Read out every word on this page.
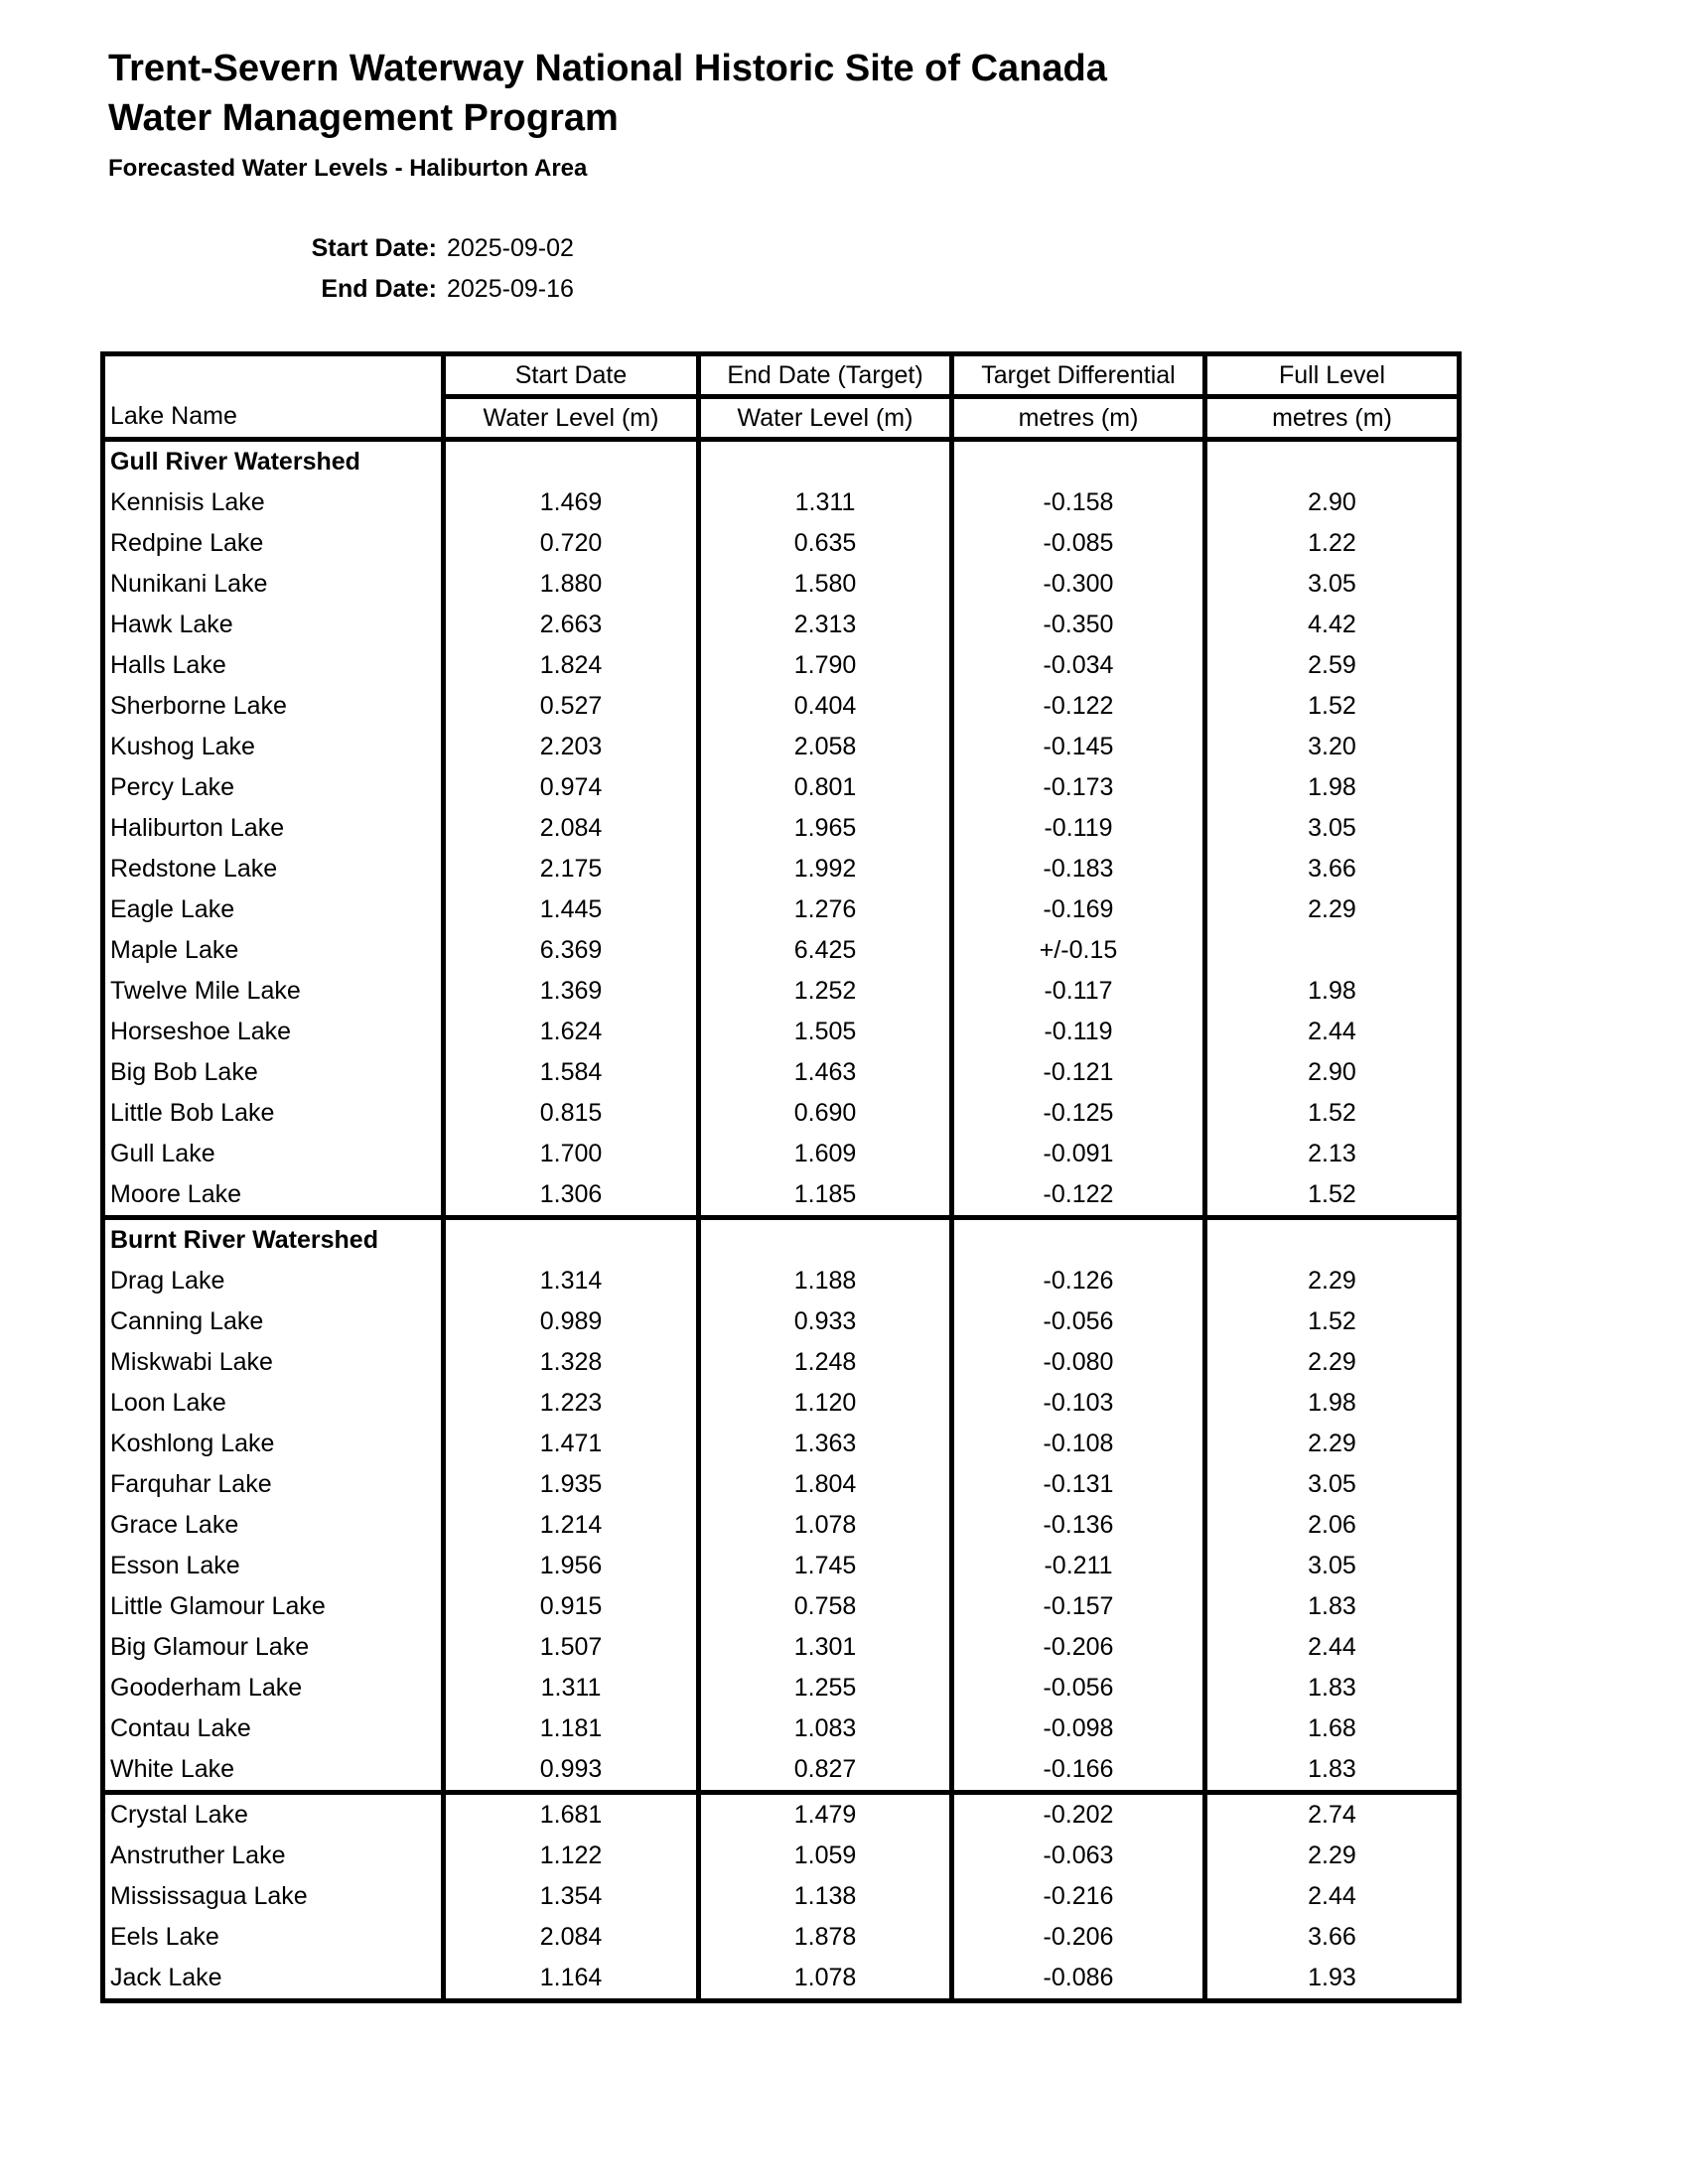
Trent-Severn Waterway National Historic Site of Canada
Water Management Program
Forecasted Water Levels - Haliburton Area
Start Date: 2025-09-02
End Date: 2025-09-16
Lake Name	Start Date	End Date (Target)	Target Differential	Full Level
	Water Level (m)	Water Level (m)	metres (m)	metres (m)
Gull River Watershed				
Kennisis Lake	1.469	1.311	-0.158	2.90
Redpine Lake	0.720	0.635	-0.085	1.22
Nunikani Lake	1.880	1.580	-0.300	3.05
Hawk Lake	2.663	2.313	-0.350	4.42
Halls Lake	1.824	1.790	-0.034	2.59
Sherborne Lake	0.527	0.404	-0.122	1.52
Kushog Lake	2.203	2.058	-0.145	3.20
Percy Lake	0.974	0.801	-0.173	1.98
Haliburton Lake	2.084	1.965	-0.119	3.05
Redstone Lake	2.175	1.992	-0.183	3.66
Eagle Lake	1.445	1.276	-0.169	2.29
Maple Lake	6.369	6.425	+/-0.15	
Twelve Mile Lake	1.369	1.252	-0.117	1.98
Horseshoe Lake	1.624	1.505	-0.119	2.44
Big Bob Lake	1.584	1.463	-0.121	2.90
Little Bob Lake	0.815	0.690	-0.125	1.52
Gull Lake	1.700	1.609	-0.091	2.13
Moore Lake	1.306	1.185	-0.122	1.52
Burnt River Watershed				
Drag Lake	1.314	1.188	-0.126	2.29
Canning Lake	0.989	0.933	-0.056	1.52
Miskwabi Lake	1.328	1.248	-0.080	2.29
Loon Lake	1.223	1.120	-0.103	1.98
Koshlong Lake	1.471	1.363	-0.108	2.29
Farquhar Lake	1.935	1.804	-0.131	3.05
Grace Lake	1.214	1.078	-0.136	2.06
Esson Lake	1.956	1.745	-0.211	3.05
Little Glamour Lake	0.915	0.758	-0.157	1.83
Big Glamour Lake	1.507	1.301	-0.206	2.44
Gooderham Lake	1.311	1.255	-0.056	1.83
Contau Lake	1.181	1.083	-0.098	1.68
White Lake	0.993	0.827	-0.166	1.83
Crystal Lake	1.681	1.479	-0.202	2.74
Anstruther Lake	1.122	1.059	-0.063	2.29
Mississagua Lake	1.354	1.138	-0.216	2.44
Eels Lake	2.084	1.878	-0.206	3.66
Jack Lake	1.164	1.078	-0.086	1.93
